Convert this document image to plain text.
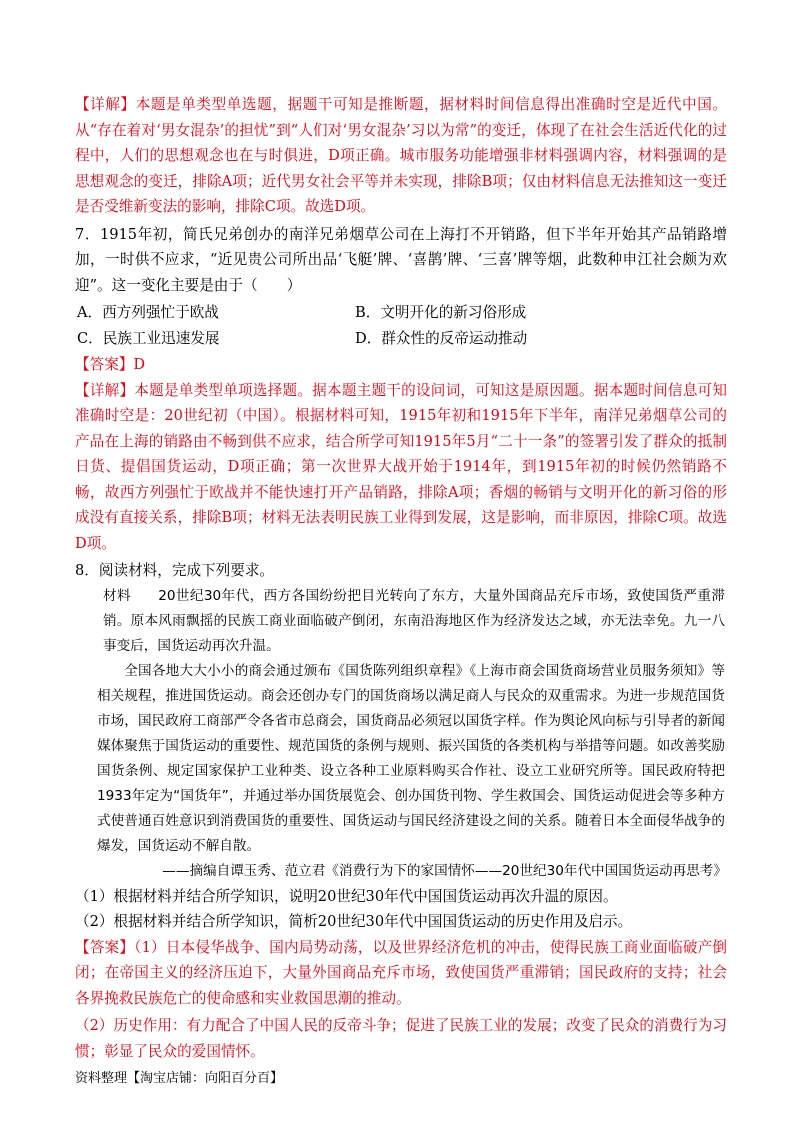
【详解】本题是单类型单选题，据题干可知是推断题，据材料时间信息得出准确时空是近代中国。从“存在着对‘男女混杂’的担忧”到“人们对‘男女混杂’习以为常”的变迁，体现了在社会生活近代化的过程中，人们的思想观念也在与时俱进，D项正确。城市服务功能增强非材料强调内容，材料强调的是思想观念的变迁，排除A项；近代男女社会平等并未实现，排除B项；仅由材料信息无法推知这一变迁是否受维新变法的影响，排除C项。故选D项。

7．1915年初，简氏兄弟创办的南洋兄弟烟草公司在上海打不开销路，但下半年开始其产品销路增加，一时供不应求，“近见贵公司所出品‘飞艇’牌、‘喜鹊’牌、‘三喜’牌等烟，此数种申江社会颇为欢迎”。这一变化主要是由于（　　）

A．西方列强忙于欧战	B．文明开化的新习俗形成
C．民族工业迅速发展	D．群众性的反帝运动推动

【答案】D

【详解】本题是单类型单项选择题。据本题主题干的设问词，可知这是原因题。据本题时间信息可知准确时空是：20世纪初（中国）。根据材料可知，1915年初和1915年下半年，南洋兄弟烟草公司的产品在上海的销路由不畅到供不应求，结合所学可知1915年5月“二十一条”的签署引发了群众的抵制日货、提倡国货运动，D项正确；第一次世界大战开始于1914年，到1915年初的时候仍然销路不畅，故西方列强忙于欧战并不能快速打开产品销路，排除A项；香烟的畅销与文明开化的新习俗的形成没有直接关系，排除B项；材料无法表明民族工业得到发展，这是影响，而非原因，排除C项。故选D项。

8．阅读材料，完成下列要求。

材料   20世纪30年代，西方各国纷纷把目光转向了东方，大量外国商品充斥市场，致使国货严重滞销。原本风雨飘摇的民族工商业面临破产倒闭，东南沿海地区作为经济发达之域，亦无法幸免。九一八事变后，国货运动再次升温。

全国各地大大小小的商会通过颁布《国货陈列组织章程》《上海市商会国货商场营业员服务须知》等相关规程，推进国货运动。商会还创办专门的国货商场以满足商人与民众的双重需求。为进一步规范国货市场，国民政府工商部严令各省市总商会，国货商品必须冠以国货字样。作为舆论风向标与引导者的新闻媒体聚焦于国货运动的重要性、规范国货的条例与规则、振兴国货的各类机构与举措等问题。如改善奖励国货条例、规定国家保护工业种类、设立各种工业原料购买合作社、设立工业研究所等。国民政府特把1933年定为“国货年”，并通过举办国货展览会、创办国货刊物、学生救国会、国货运动促进会等多种方式使普通百姓意识到消费国货的重要性、国货运动与国民经济建设之间的关系。随着日本全面侵华战争的爆发，国货运动不解自散。

——摘编自谭玉秀、范立君《消费行为下的家国情怀——20世纪30年代中国国货运动再思考》

（1）根据材料并结合所学知识，说明20世纪30年代中国国货运动再次升温的原因。

（2）根据材料并结合所学知识，简析20世纪30年代中国国货运动的历史作用及启示。

【答案】（1）日本侵华战争、国内局势动荡，以及世界经济危机的冲击，使得民族工商业面临破产倒闭；在帝国主义的经济压迫下，大量外国商品充斥市场，致使国货严重滞销；国民政府的支持；社会各界挽救民族危亡的使命感和实业救国思潮的推动。

（2）历史作用：有力配合了中国人民的反帝斗争；促进了民族工业的发展；改变了民众的消费行为习惯；彰显了民众的爱国情怀。

资料整理【淘宝店铺：向阳百分百】
